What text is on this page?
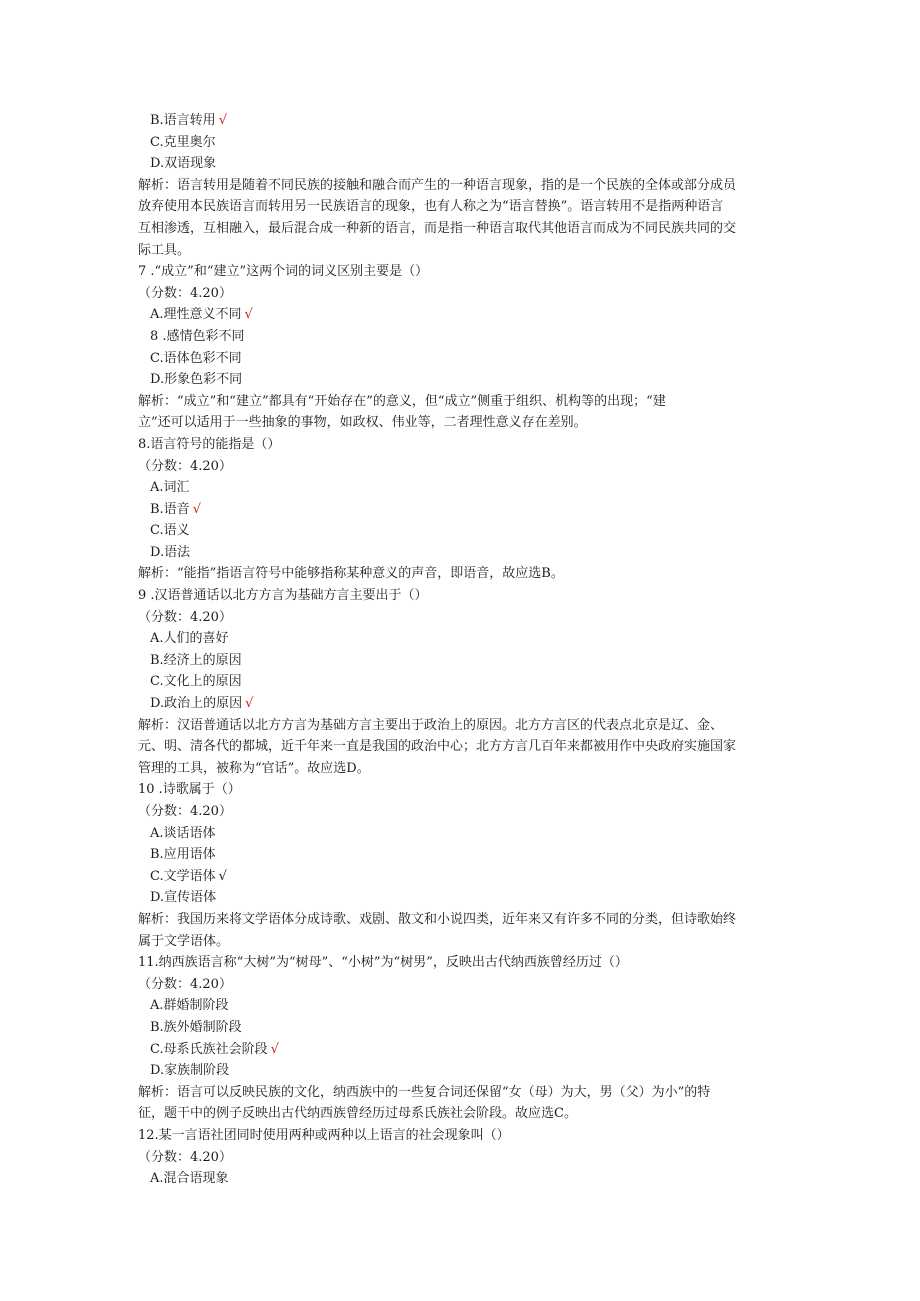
B.语言转用 √
C.克里奥尔
D.双语现象
解析：语言转用是随着不同民族的接触和融合而产生的一种语言现象，指的是一个民族的全体或部分成员
放弃使用本民族语言而转用另一民族语言的现象，也有人称之为“语言替换”。语言转用不是指两种语言
互相渗透，互相融入，最后混合成一种新的语言，而是指一种语言取代其他语言而成为不同民族共同的交
际工具。
7 .“成立”和“建立”这两个词的词义区别主要是（）
（分数：4.20）
A.理性意义不同 √
8 .感情色彩不同
C.语体色彩不同
D.形象色彩不同
解析：“成立”和“建立”都具有“开始存在”的意义，但“成立”侧重于组织、机构等的出现；“建
立”还可以适用于一些抽象的事物，如政权、伟业等，二者理性意义存在差别。
8.语言符号的能指是（）
（分数：4.20）
A.词汇
B.语音 √
C.语义
D.语法
解析：“能指”指语言符号中能够指称某种意义的声音，即语音，故应选B。
9 .汉语普通话以北方方言为基础方言主要出于（）
（分数：4.20）
A.人们的喜好
B.经济上的原因
C.文化上的原因
D.政治上的原因 √
解析：汉语普通话以北方方言为基础方言主要出于政治上的原因。北方方言区的代表点北京是辽、金、
元、明、清各代的都城，近千年来一直是我国的政治中心；北方方言几百年来都被用作中央政府实施国家
管理的工具，被称为“官话”。故应选D。
10 .诗歌属于（）
（分数：4.20）
A.谈话语体
B.应用语体
C.文学语体 √
D.宣传语体
解析：我国历来将文学语体分成诗歌、戏剧、散文和小说四类，近年来又有许多不同的分类，但诗歌始终
属于文学语体。
11.纳西族语言称“大树”为“树母”、“小树”为“树男”，反映出古代纳西族曾经历过（）
（分数：4.20）
A.群婚制阶段
B.族外婚制阶段
C.母系氏族社会阶段 √
D.家族制阶段
解析：语言可以反映民族的文化，纳西族中的一些复合词还保留“女（母）为大，男（父）为小”的特
征，题干中的例子反映出古代纳西族曾经历过母系氏族社会阶段。故应选C。
12.某一言语社团同时使用两种或两种以上语言的社会现象叫（）
（分数：4.20）
A.混合语现象
